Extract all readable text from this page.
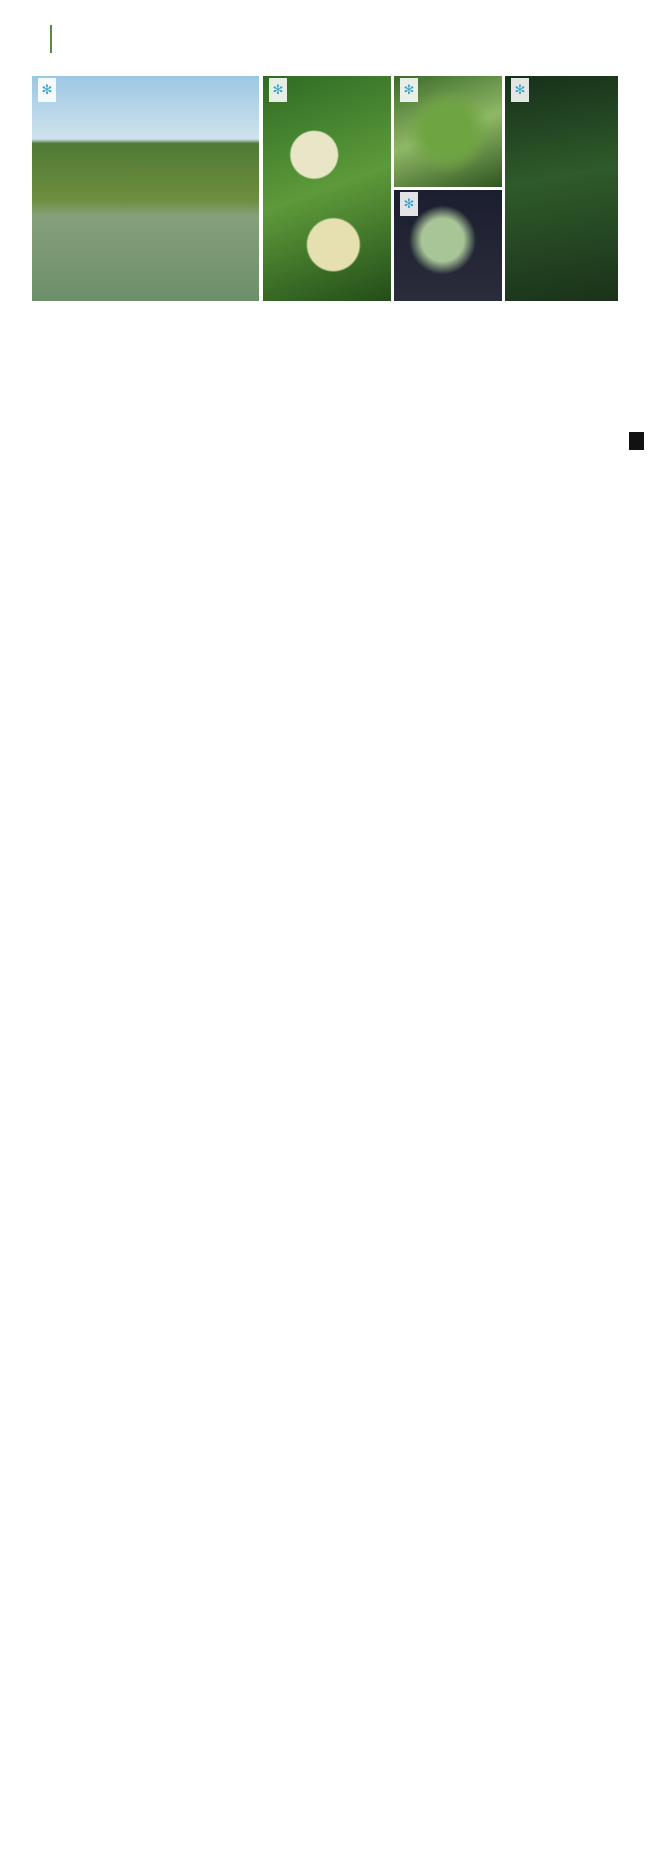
✻	✻	✻
✻
✻
